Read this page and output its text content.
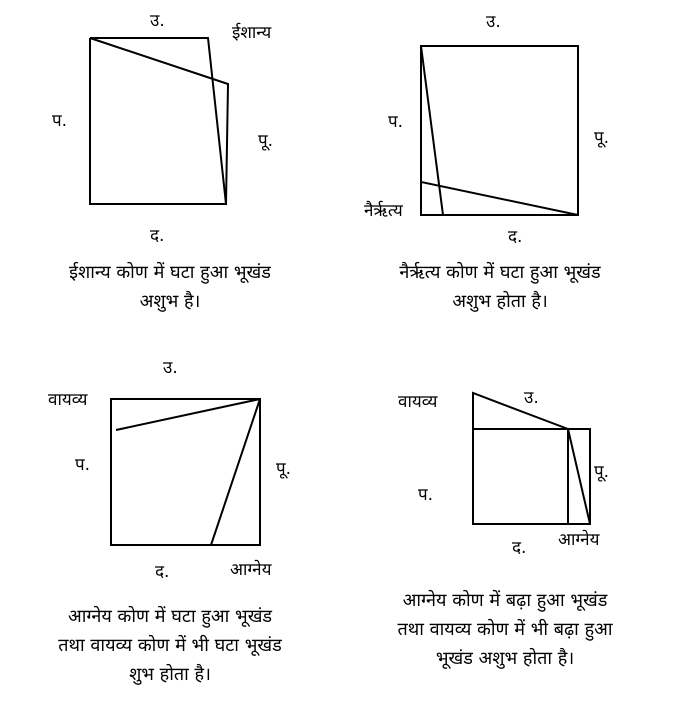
उ.
ईशान्य
प.
पू.
द.
ईशान्य कोण में घटा हुआ भूखंड
अशुभ है।
उ.
प.
पू.
नैर्ऋत्य
द.
नैर्ऋत्य कोण में घटा हुआ भूखंड
अशुभ होता है।
उ.
वायव्य
प.	पू.
द.	आग्नेय
आग्नेय कोण में घटा हुआ भूखंड
तथा वायव्य कोण में भी घटा भूखंड
शुभ होता है।
वायव्य	उ.
पू.
प.
आग्नेय
द.
आग्नेय कोण में बढ़ा हुआ भूखंड
तथा वायव्य कोण में भी बढ़ा हुआ
भूखंड अशुभ होता है।
